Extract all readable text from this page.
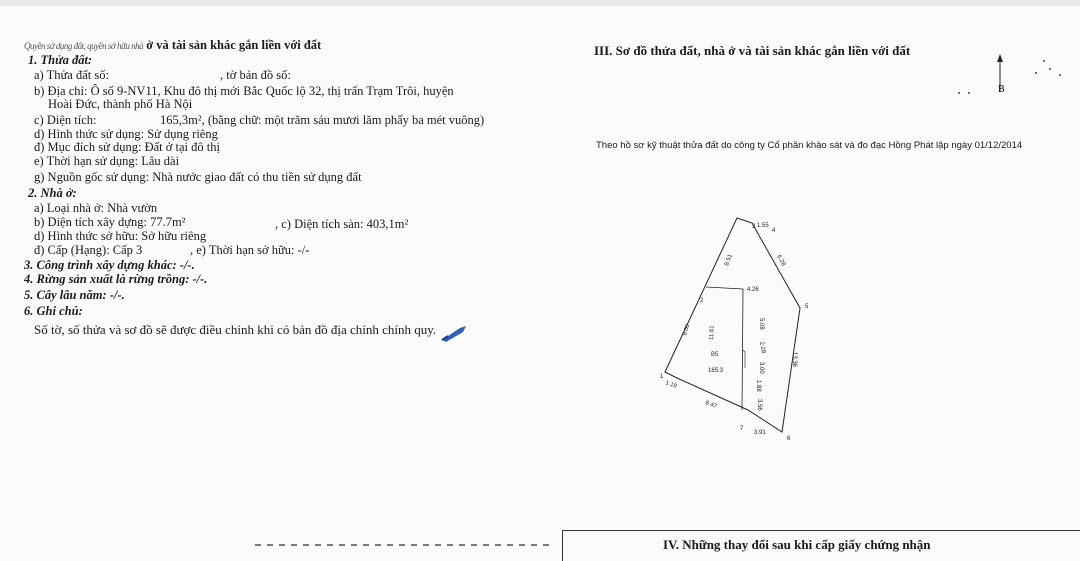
Quyền sử dụng đất, quyền sở hữu nhà ở và tài sản khác gắn liền với đất
1. Thửa đất:
a) Thửa đất số:	, tờ bản đồ số:
b) Địa chỉ: Ô số 9-NV11, Khu đô thị mới Bắc Quốc lộ 32, thị trấn Trạm Trôi, huyện
Hoài Đức, thành phố Hà Nội
c) Diện tích:	165,3m², (bằng chữ: một trăm sáu mươi lăm phẩy ba mét vuông)
d) Hình thức sử dụng: Sử dụng riêng
đ) Mục đích sử dụng: Đất ở tại đô thị
e) Thời hạn sử dụng: Lâu dài
g) Nguồn gốc sử dụng: Nhà nước giao đất có thu tiền sử dụng đất
2. Nhà ở:
a) Loại nhà ở: Nhà vườn
b) Diện tích xây dựng: 77.7m²	, c) Diện tích sàn: 403,1m²
d) Hình thức sở hữu: Sở hữu riêng
đ) Cấp (Hạng): Cấp 3	, e) Thời hạn sở hữu: -/-
3. Công trình xây dựng khác: -/-.
4. Rừng sản xuất là rừng trồng: -/-.
5. Cây lâu năm: -/-.
6. Ghi chú:
Số tờ, số thửa và sơ đồ sẽ được điều chỉnh khi có bản đồ địa chính chính quy.
III. Sơ đồ thửa đất, nhà ở và tài sản khác gắn liền với đất
B
Theo hồ sơ kỹ thuật thửa đất do công ty Cổ phần khảo sát và đo đạc Hồng Phát lập ngày 01/12/2014
B5
165.3
1
2
3
4
5
6
7
1.55
8.51	6.28
4.26
5.08
2.28
3.00
1.88
3.56
3.91
8.47
9.00	11.61
13.36
1.19
IV. Những thay đổi sau khi cấp giấy chứng nhận
